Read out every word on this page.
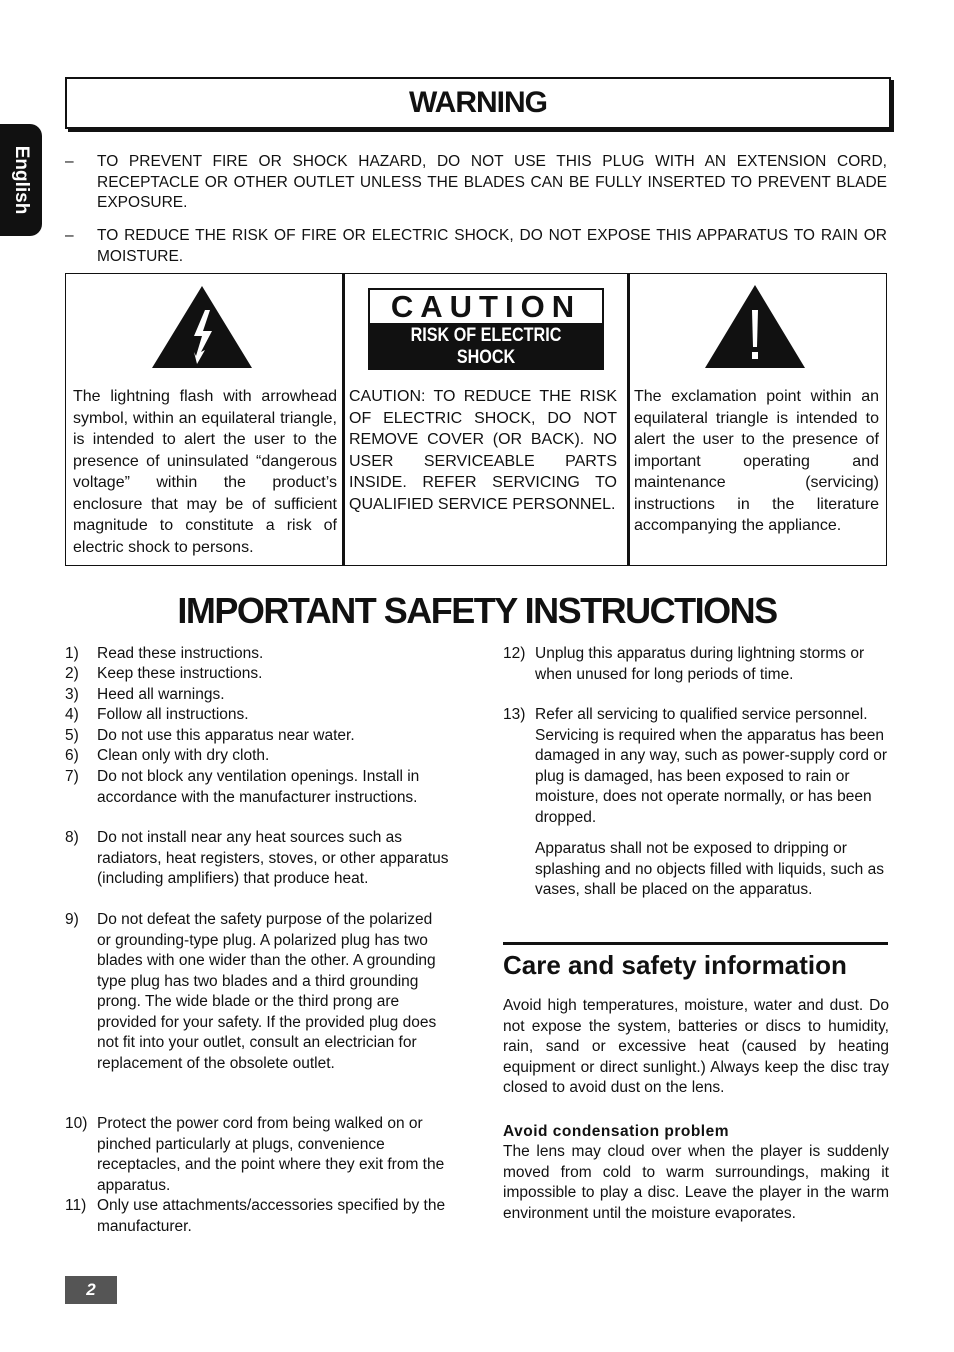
English
WARNING
– TO PREVENT FIRE OR SHOCK HAZARD, DO NOT USE THIS PLUG WITH AN EXTENSION CORD, RECEPTACLE OR OTHER OUTLET UNLESS THE BLADES CAN BE FULLY INSERTED TO PREVENT BLADE EXPOSURE.
– TO REDUCE THE RISK OF FIRE OR ELECTRIC SHOCK, DO NOT EXPOSE THIS APPARATUS TO RAIN OR MOISTURE.
CAUTION
RISK OF ELECTRIC SHOCK
DO NOT OPEN
The lightning flash with arrowhead symbol, within an equilateral triangle, is intended to alert the user to the presence of uninsulated “dangerous voltage” within the product’s enclosure that may be of sufficient magnitude to constitute a risk of electric shock to persons.
CAUTION: TO REDUCE THE RISK OF ELECTRIC SHOCK, DO NOT REMOVE COVER (OR BACK). NO USER SERVICEABLE PARTS INSIDE. REFER SERVICING TO QUALIFIED SERVICE PERSONNEL.
The exclamation point within an equilateral triangle is intended to alert the user to the presence of important operating and maintenance (servicing) instructions in the literature accompanying the appliance.
IMPORTANT SAFETY INSTRUCTIONS
1) Read these instructions.
2) Keep these instructions.
3) Heed all warnings.
4) Follow all instructions.
5) Do not use this apparatus near water.
6) Clean only with dry cloth.
7) Do not block any ventilation openings. Install in accordance with the manufacturer instructions.
8) Do not install near any heat sources such as radiators, heat registers, stoves, or other apparatus (including amplifiers) that produce heat.
9) Do not defeat the safety purpose of the polarized or grounding-type plug. A polarized plug has two blades with one wider than the other. A grounding type plug has two blades and a third grounding prong. The wide blade or the third prong are provided for your safety. If the provided plug does not fit into your outlet, consult an electrician for replacement of the obsolete outlet.
10) Protect the power cord from being walked on or pinched particularly at plugs, convenience receptacles, and the point where they exit from the apparatus.
11) Only use attachments/accessories specified by the manufacturer.
12) Unplug this apparatus during lightning storms or when unused for long periods of time.
13) Refer all servicing to qualified service personnel. Servicing is required when the apparatus has been damaged in any way, such as power-supply cord or plug is damaged, has been exposed to rain or moisture, does not operate normally, or has been dropped.
Apparatus shall not be exposed to dripping or splashing and no objects filled with liquids, such as vases, shall be placed on the apparatus.
Care and safety information
Avoid high temperatures, moisture, water and dust. Do not expose the system, batteries or discs to humidity, rain, sand or excessive heat (caused by heating equipment or direct sunlight.) Always keep the disc tray closed to avoid dust on the lens.
Avoid condensation problem
The lens may cloud over when the player is suddenly moved from cold to warm surroundings, making it impossible to play a disc. Leave the player in the warm environment until the moisture evaporates.
2
